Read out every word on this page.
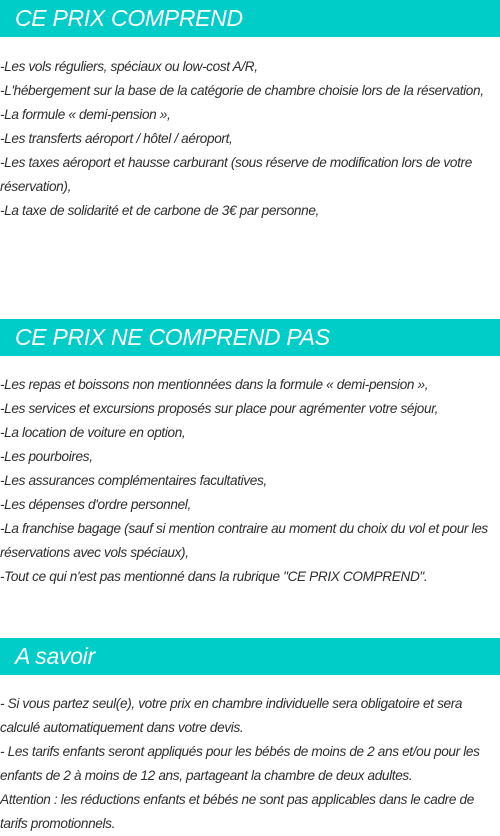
CE PRIX COMPREND
-Les vols réguliers, spéciaux ou low-cost A/R,
-L'hébergement sur la base de la catégorie de chambre choisie lors de la réservation,
-La formule « demi-pension »,
-Les transferts aéroport / hôtel / aéroport,
-Les taxes aéroport et hausse carburant (sous réserve de modification lors de votre réservation),
-La taxe de solidarité et de carbone de 3€ par personne,
CE PRIX NE COMPREND PAS
-Les repas et boissons non mentionnées dans la formule « demi-pension »,
-Les services et excursions proposés sur place pour agrémenter votre séjour,
-La location de voiture en option,
-Les pourboires,
-Les assurances complémentaires facultatives,
-Les dépenses d'ordre personnel,
-La franchise bagage (sauf si mention contraire au moment du choix du vol et pour les réservations avec vols spéciaux),
-Tout ce qui n'est pas mentionné dans la rubrique "CE PRIX COMPREND".
A savoir
- Si vous partez seul(e), votre prix en chambre individuelle sera obligatoire et sera calculé automatiquement dans votre devis.
- Les tarifs enfants seront appliqués pour les bébés de moins de 2 ans et/ou pour les enfants de 2 à moins de 12 ans, partageant la chambre de deux adultes.
Attention : les réductions enfants et bébés ne sont pas applicables dans le cadre de tarifs promotionnels.
